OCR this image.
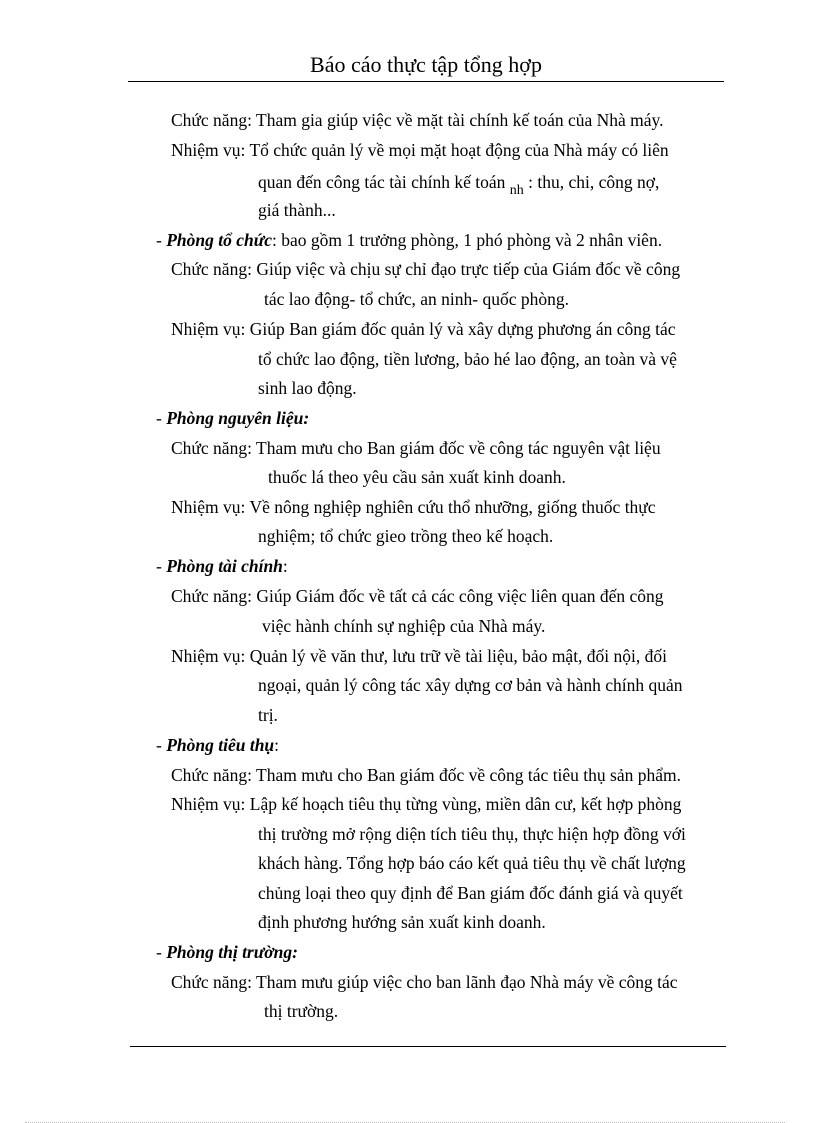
Báo cáo thực tập tổng hợp
Chức năng: Tham gia giúp việc về mặt tài chính kế toán của Nhà máy.
Nhiệm vụ: Tổ chức quản lý về mọi mặt hoạt động của Nhà máy có liên
quan đến công tác tài chính kế toán $_{nh}$ : thu, chi, công nợ,
giá thành...
- Phòng tổ chức: bao gồm 1 trưởng phòng, 1 phó phòng và 2 nhân viên.
Chức năng: Giúp việc và chịu sự chỉ đạo trực tiếp của Giám đốc về công
tác lao động- tổ chức, an ninh- quốc phòng.
Nhiệm vụ: Giúp Ban giám đốc quản lý và xây dựng phương án công tác
tổ chức lao động, tiền lương, bảo hé lao động, an toàn và vệ
sinh lao động.
- Phòng nguyên liệu:
Chức năng: Tham mưu cho Ban giám đốc về công tác nguyên vật liệu
thuốc lá theo yêu cầu sản xuất kinh doanh.
Nhiệm vụ: Về nông nghiệp nghiên cứu thổ nhưỡng, giống thuốc thực
nghiệm; tổ chức gieo trồng theo kế hoạch.
- Phòng tài chính:
Chức năng: Giúp Giám đốc về tất cả các công việc liên quan đến công
việc hành chính sự nghiệp của Nhà máy.
Nhiệm vụ: Quản lý về văn thư, lưu trữ về tài liệu, bảo mật, đối nội, đối
ngoại, quản lý công tác xây dựng cơ bản và hành chính quản
trị.
- Phòng tiêu thụ:
Chức năng: Tham mưu cho Ban giám đốc về công tác tiêu thụ sản phẩm.
Nhiệm vụ: Lập kế hoạch tiêu thụ từng vùng, miền dân cư, kết hợp phòng
thị trường mở rộng diện tích tiêu thụ, thực hiện hợp đồng với
khách hàng. Tổng hợp báo cáo kết quả tiêu thụ về chất lượng
chủng loại theo quy định để Ban giám đốc đánh giá và quyết
định phương hướng sản xuất kinh doanh.
- Phòng thị trường:
Chức năng: Tham mưu giúp việc cho ban lãnh đạo Nhà máy về công tác
thị trường.
